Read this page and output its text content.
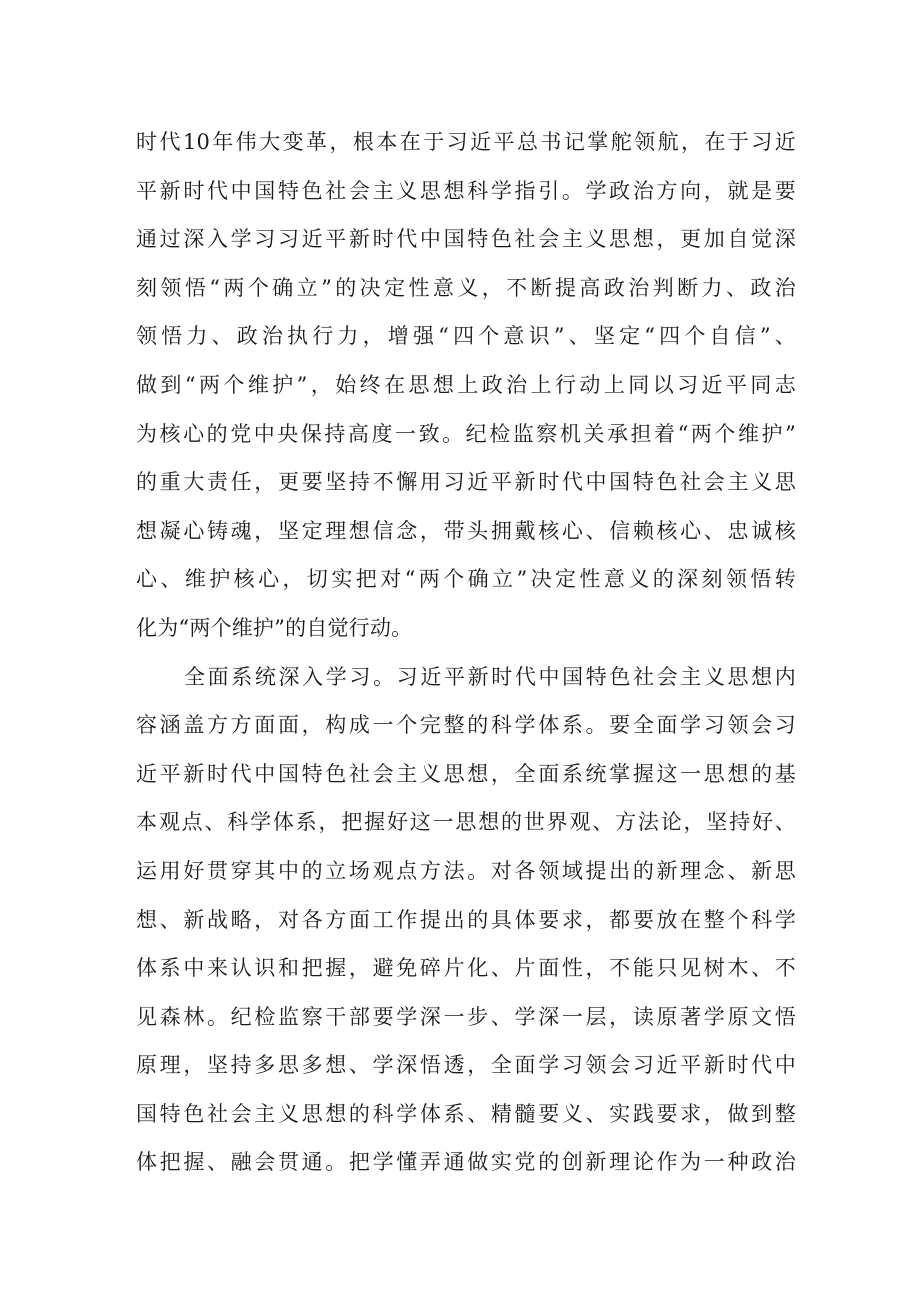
时代10年伟大变革，根本在于习近平总书记掌舵领航，在于习近
平新时代中国特色社会主义思想科学指引。学政治方向，就是要
通过深入学习习近平新时代中国特色社会主义思想，更加自觉深
刻领悟“两个确立”的决定性意义，不断提高政治判断力、政治
领悟力、政治执行力，增强“四个意识”、坚定“四个自信”、
做到“两个维护”，始终在思想上政治上行动上同以习近平同志
为核心的党中央保持高度一致。纪检监察机关承担着“两个维护”
的重大责任，更要坚持不懈用习近平新时代中国特色社会主义思
想凝心铸魂，坚定理想信念，带头拥戴核心、信赖核心、忠诚核
心、维护核心，切实把对“两个确立”决定性意义的深刻领悟转
化为“两个维护”的自觉行动。
全面系统深入学习。习近平新时代中国特色社会主义思想内
容涵盖方方面面，构成一个完整的科学体系。要全面学习领会习
近平新时代中国特色社会主义思想，全面系统掌握这一思想的基
本观点、科学体系，把握好这一思想的世界观、方法论，坚持好、
运用好贯穿其中的立场观点方法。对各领域提出的新理念、新思
想、新战略，对各方面工作提出的具体要求，都要放在整个科学
体系中来认识和把握，避免碎片化、片面性，不能只见树木、不
见森林。纪检监察干部要学深一步、学深一层，读原著学原文悟
原理，坚持多思多想、学深悟透，全面学习领会习近平新时代中
国特色社会主义思想的科学体系、精髓要义、实践要求，做到整
体把握、融会贯通。把学懂弄通做实党的创新理论作为一种政治
